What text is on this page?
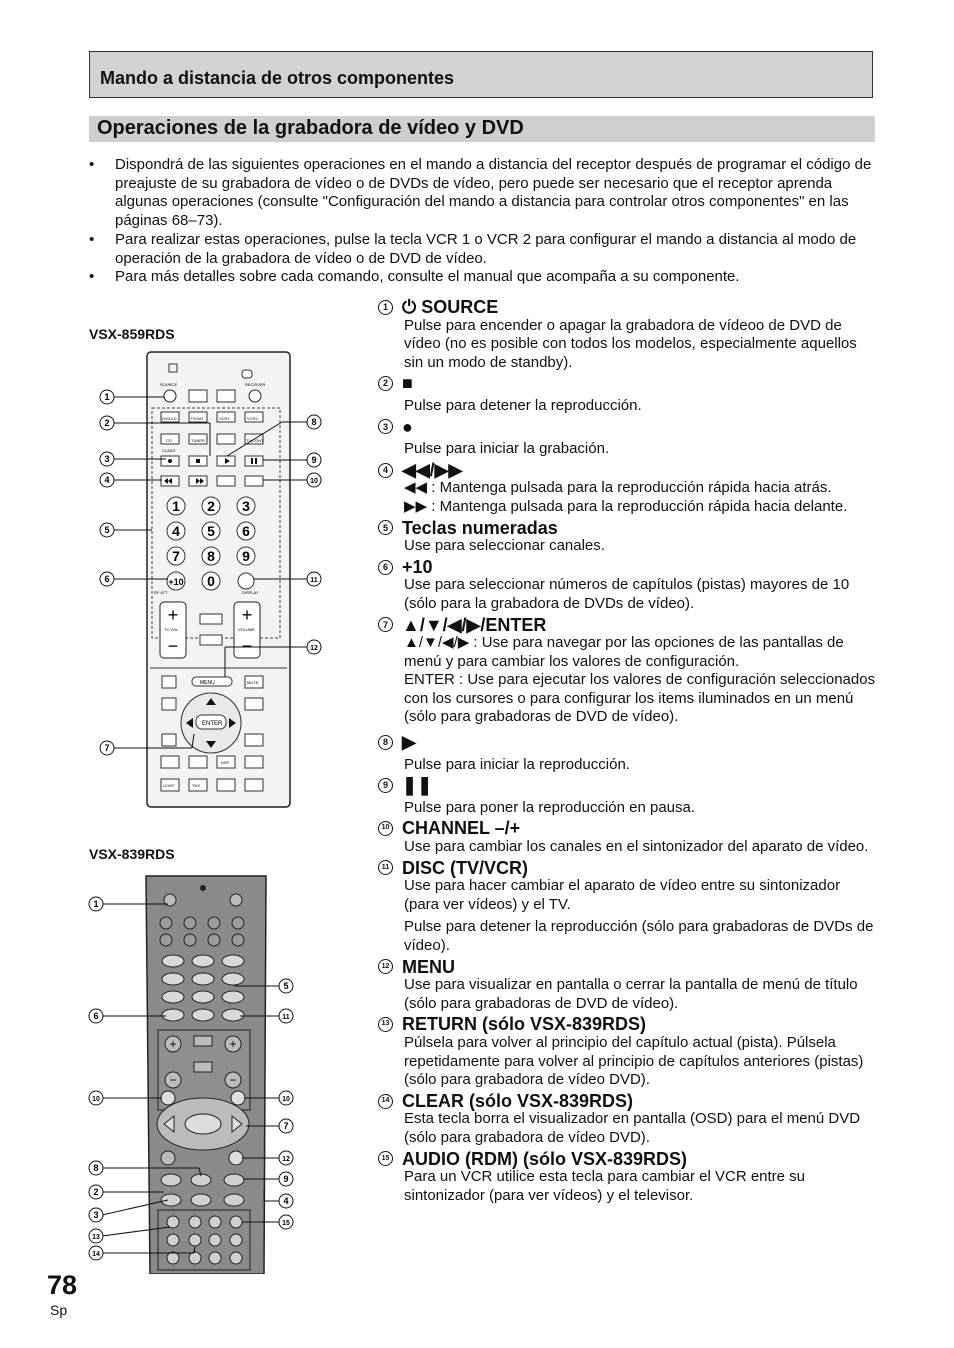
Mando a distancia de otros componentes
Operaciones de la grabadora de vídeo y DVD
• Dispondrá de las siguientes operaciones en el mando a distancia del receptor después de programar el código de preajuste de su grabadora de vídeo o de DVDs de vídeo, pero puede ser necesario que el receptor aprenda algunas operaciones (consulte "Configuración del mando a distancia para controlar otros componentes" en las páginas 68–73).
• Para realizar estas operaciones, pulse la tecla VCR 1 o VCR 2 para configurar el mando a distancia al modo de operación de la grabadora de vídeo o de DVD de vídeo.
• Para más detalles sobre cada comando, consulte el manual que acompaña a su componente.
VSX-859RDS
VSX-839RDS
SOURCE	RECEIVER
DVD/LD	TV/SAT	VCR1	VCR2
CD	TUNER	TV/CONT
CLASS
1 2 3
4 5 6
7 8 9
+10 0
RF ATT	DISPLAY
+
−
+
−
TV VOL	VOLUME
MENU	MUTE
ENTER
DSP
LIGHT	THX
1
2
3
4
5
6
7
8
9
10
11
12
+	+
−	−
1
6
10
8
2
3
13
14
5
11
10
7
12
9
4
15
1 ⏻ SOURCE
Pulse para encender o apagar la grabadora de vídeoo de DVD de vídeo (no es posible con todos los modelos, especialmente aquellos sin un modo de standby).
2 ■
Pulse para detener la reproducción.
3 ●
Pulse para iniciar la grabación.
4 ◀◀/▶▶
◀◀ : Mantenga pulsada para la reproducción rápida hacia atrás.
▶▶ : Mantenga pulsada para la reproducción rápida hacia delante.
5 Teclas numeradas
Use para seleccionar canales.
6 +10
Use para seleccionar números de capítulos (pistas) mayores de 10 (sólo para la grabadora de DVDs de vídeo).
7 ▲/▼/◀/▶/ENTER
▲/▼/◀/▶ : Use para navegar por las opciones de las pantallas de menú y para cambiar los valores de configuración.
ENTER : Use para ejecutar los valores de configuración seleccionados con los cursores o para configurar los items iluminados en un menú (sólo para grabadoras de DVD de vídeo).
8 ▶
Pulse para iniciar la reproducción.
9 ❚❚
Pulse para poner la reproducción en pausa.
10 CHANNEL –/+
Use para cambiar los canales en el sintonizador del aparato de vídeo.
11 DISC (TV/VCR)
Use para hacer cambiar el aparato de vídeo entre su sintonizador (para ver vídeos) y el TV.
Pulse para detener la reproducción (sólo para grabadoras de DVDs de vídeo).
12 MENU
Use para visualizar en pantalla o cerrar la pantalla de menú de título (sólo para grabadoras de DVD de vídeo).
13 RETURN (sólo VSX-839RDS)
Púlsela para volver al principio del capítulo actual (pista). Púlsela repetidamente para volver al principio de capítulos anteriores (pistas) (sólo para grabadora de vídeo DVD).
14 CLEAR (sólo VSX-839RDS)
Esta tecla borra el visualizador en pantalla (OSD) para el menú DVD (sólo para grabadora de vídeo DVD).
15 AUDIO (RDM) (sólo VSX-839RDS)
Para un VCR utilice esta tecla para cambiar el VCR entre su sintonizador (para ver vídeos) y el televisor.
78
Sp
